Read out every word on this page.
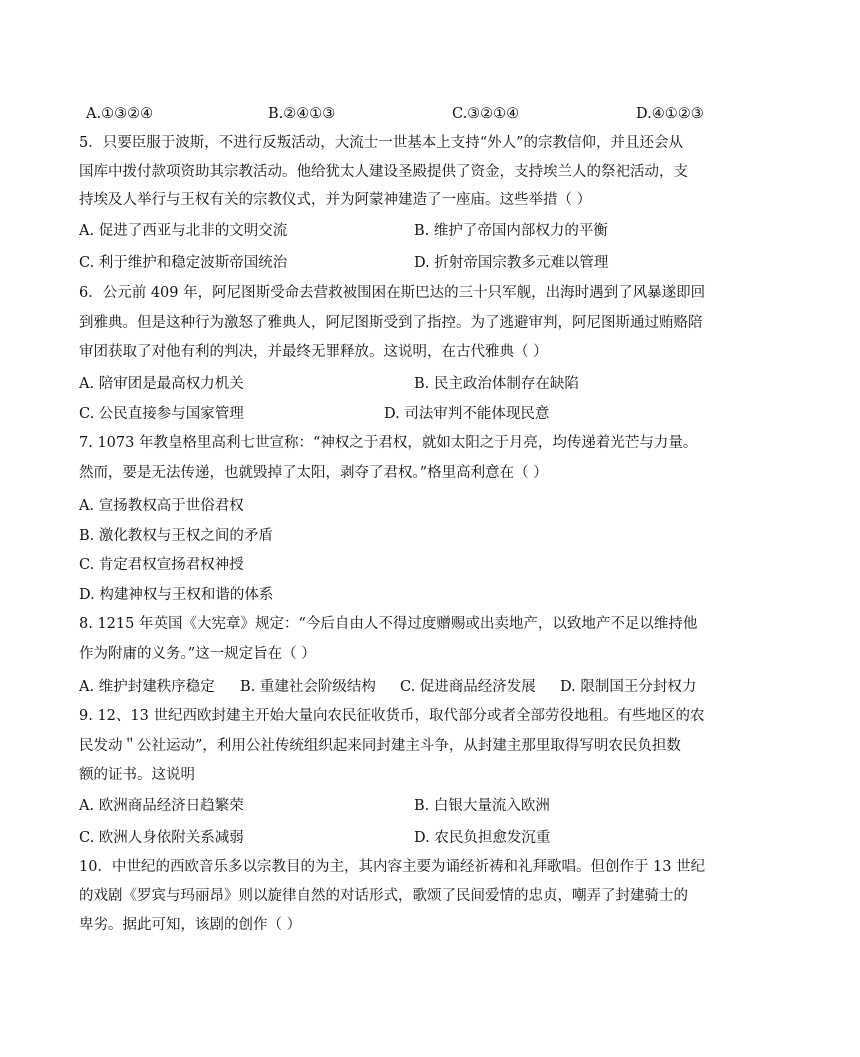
A.①③②④	B.②④①③	C.③②①④	D.④①②③
5．只要臣服于波斯，不进行反叛活动，大流士一世基本上支持“外人”的宗教信仰，并且还会从
国库中拨付款项资助其宗教活动。他给犹太人建设圣殿提供了资金，支持埃兰人的祭祀活动，支
持埃及人举行与王权有关的宗教仪式，并为阿蒙神建造了一座庙。这些举措（ ）
A. 促进了西亚与北非的文明交流	B. 维护了帝国内部权力的平衡
C. 利于维护和稳定波斯帝国统治	D. 折射帝国宗教多元难以管理
6．公元前 409 年，阿尼图斯受命去营救被围困在斯巴达的三十只军舰，出海时遇到了风暴遂即回
到雅典。但是这种行为激怒了雅典人，阿尼图斯受到了指控。为了逃避审判，阿尼图斯通过贿赂陪
审团获取了对他有利的判决，并最终无罪释放。这说明，在古代雅典（ ）
A. 陪审团是最高权力机关	B. 民主政治体制存在缺陷
C. 公民直接参与国家管理	D. 司法审判不能体现民意
7. 1073 年教皇格里高利七世宣称：“神权之于君权，就如太阳之于月亮，均传递着光芒与力量。
然而，要是无法传递，也就毁掉了太阳，剥夺了君权。”格里高利意在（ ）
A. 宣扬教权高于世俗君权
B. 激化教权与王权之间的矛盾
C. 肯定君权宣扬君权神授
D. 构建神权与王权和谐的体系
8. 1215 年英国《大宪章》规定：“今后自由人不得过度赠赐或出卖地产，以致地产不足以维持他
作为附庸的义务。”这一规定旨在（ ）
A. 维护封建秩序稳定 B. 重建社会阶级结构 C. 促进商品经济发展 D. 限制国王分封权力
9. 12、13 世纪西欧封建主开始大量向农民征收货币，取代部分或者全部劳役地租。有些地区的农
民发动＂公社运动”，利用公社传统组织起来同封建主斗争，从封建主那里取得写明农民负担数
额的证书。这说明
A. 欧洲商品经济日趋繁荣	B. 白银大量流入欧洲
C. 欧洲人身依附关系减弱	D. 农民负担愈发沉重
10．中世纪的西欧音乐多以宗教目的为主，其内容主要为诵经祈祷和礼拜歌唱。但创作于 13 世纪
的戏剧《罗宾与玛丽昂》则以旋律自然的对话形式，歌颂了民间爱情的忠贞，嘲弄了封建骑士的
卑劣。据此可知，该剧的创作（ ）
